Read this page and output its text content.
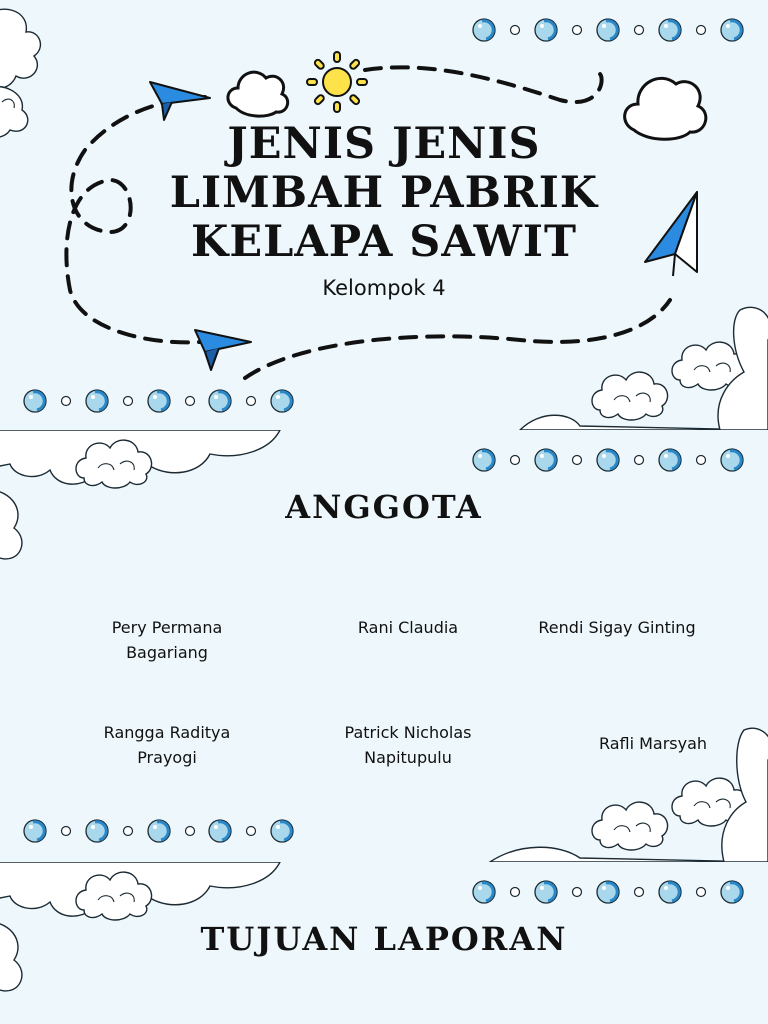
JENIS JENIS
LIMBAH PABRIK
KELAPA SAWIT
Kelompok 4
ANGGOTA
Pery Permana
Bagariang
Rani Claudia	Rendi Sigay Ginting
Rangga Raditya
Prayogi
Patrick Nicholas
Napitupulu
Rafli Marsyah
TUJUAN LAPORAN
